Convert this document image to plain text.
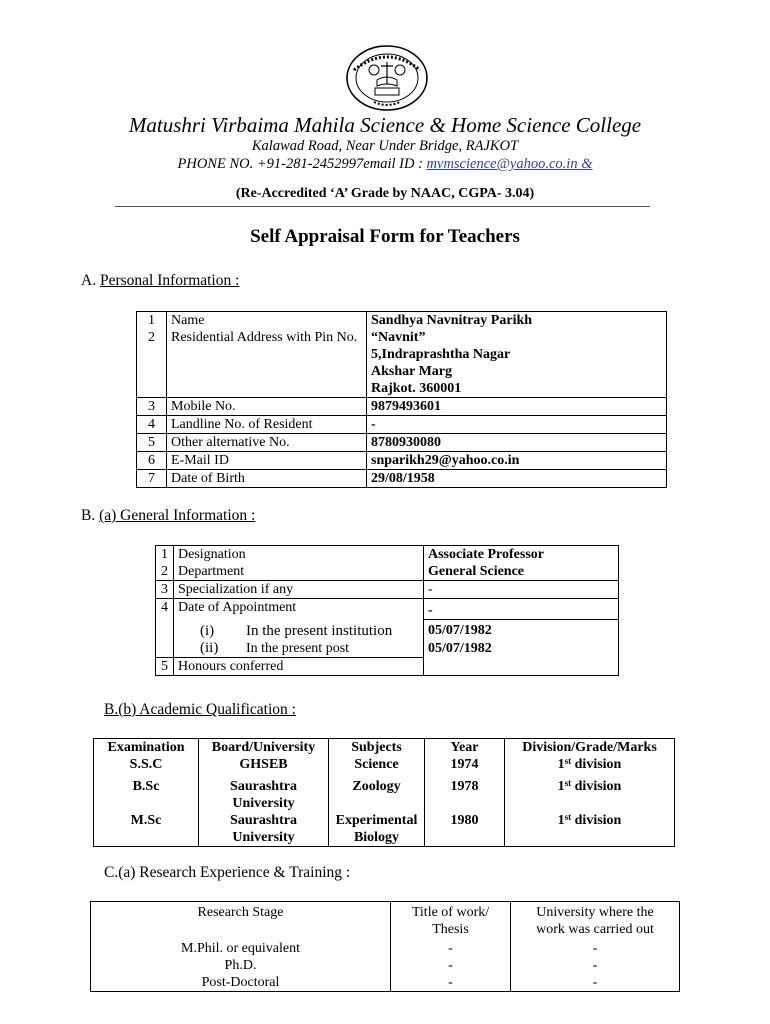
Matushri Virbaima Mahila Science & Home Science College
Kalawad Road, Near Under Bridge, RAJKOT
PHONE NO. +91-281-2452997email ID : mvmscience@yahoo.co.in &
(Re-Accredited ‘A’ Grade by NAAC, CGPA- 3.04)
Self Appraisal Form for Teachers
A. Personal Information :
1	Name	Sandhya Navnitray Parikh
2	Residential Address with Pin No.	“Navnit”
5,Indraprashtha Nagar
Akshar Marg
Rajkot. 360001

3	Mobile No.	9879493601
4	Landline No. of Resident	-
5	Other alternative No.	8780930080
6	E-Mail ID	snparikh29@yahoo.co.in
7	Date of Birth	29/08/1958
B. (a) General Information :
1	Designation	Associate Professor
2	Department	General Science
3	Specialization if any	-
4	Date of Appointment	-
	(i) In the present institution	05/07/1982
	(ii) In the present post	05/07/1982
5	Honours conferred	
B.(b) Academic Qualification :
Examination	Board/University	Subjects	Year	Division/Grade/Marks
S.S.C	GHSEB	Science	1974	1st division
B.Sc	Saurashtra University	Zoology	1978	1st division
M.Sc	Saurashtra University	Experimental Biology	1980	1st division
C.(a) Research Experience & Training :
Research Stage	Title of work/ Thesis	University where the work was carried out
M.Phil. or equivalent	-	-
Ph.D.	-	-
Post-Doctoral	-	-
